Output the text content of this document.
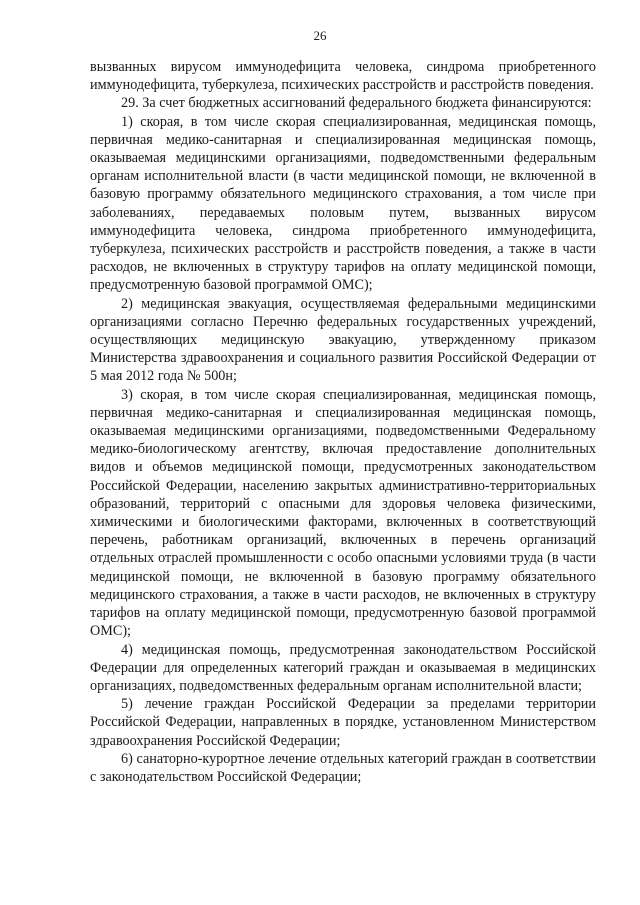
26

вызванных вирусом иммунодефицита человека, синдрома приобретенного иммунодефицита, туберкулеза, психических расстройств и расстройств поведения.

29. За счет бюджетных ассигнований федерального бюджета финансируются:

1) скорая, в том числе скорая специализированная, медицинская помощь, первичная медико-санитарная и специализированная медицинская помощь, оказываемая медицинскими организациями, подведомственными федеральным органам исполнительной власти (в части медицинской помощи, не включенной в базовую программу обязательного медицинского страхования, а том числе при заболеваниях, передаваемых половым путем, вызванных вирусом иммунодефицита человека, синдрома приобретенного иммунодефицита, туберкулеза, психических расстройств и расстройств поведения, а также в части расходов, не включенных в структуру тарифов на оплату медицинской помощи, предусмотренную базовой программой ОМС);

2) медицинская эвакуация, осуществляемая федеральными медицинскими организациями согласно Перечню федеральных государственных учреждений, осуществляющих медицинскую эвакуацию, утвержденному приказом Министерства здравоохранения и социального развития Российской Федерации от 5 мая 2012 года № 500н;

3) скорая, в том числе скорая специализированная, медицинская помощь, первичная медико-санитарная и специализированная медицинская помощь, оказываемая медицинскими организациями, подведомственными Федеральному медико-биологическому агентству, включая предоставление дополнительных видов и объемов медицинской помощи, предусмотренных законодательством Российской Федерации, населению закрытых административно-территориальных образований, территорий с опасными для здоровья человека физическими, химическими и биологическими факторами, включенных в соответствующий перечень, работникам организаций, включенных в перечень организаций отдельных отраслей промышленности с особо опасными условиями труда (в части медицинской помощи, не включенной в базовую программу обязательного медицинского страхования, а также в части расходов, не включенных в структуру тарифов на оплату медицинской помощи, предусмотренную базовой программой ОМС);

4) медицинская помощь, предусмотренная законодательством Российской Федерации для определенных категорий граждан и оказываемая в медицинских организациях, подведомственных федеральным органам исполнительной власти;

5) лечение граждан Российской Федерации за пределами территории Российской Федерации, направленных в порядке, установленном Министерством здравоохранения Российской Федерации;

6) санаторно-курортное лечение отдельных категорий граждан в соответствии с законодательством Российской Федерации;
